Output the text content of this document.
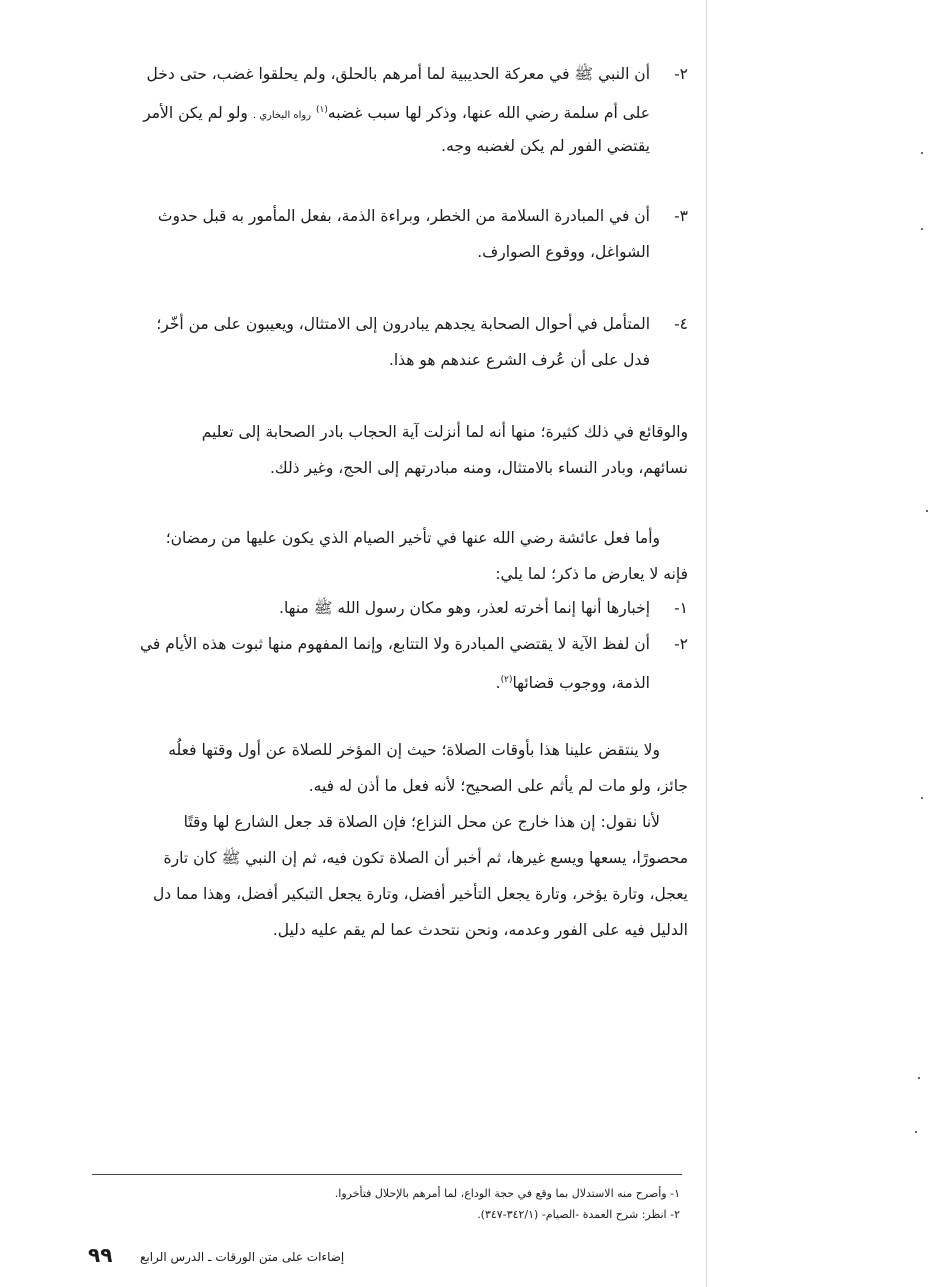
٢-
أن النبي ﷺ في معركة الحديبية لما أمرهم بالحلق، ولم يحلقوا غضب، حتى دخل
على أم سلمة رضي الله عنها، وذكر لها سبب غضبه$^{(١)}$ رواه البخاري . ولو لم يكن الأمر
يقتضي الفور لم يكن لغضبه وجه.
٣-
أن في المبادرة السلامة من الخطر، وبراءة الذمة، بفعل المأمور به قبل حدوث
الشواغل، ووقوع الصوارف.
٤-
المتأمل في أحوال الصحابة يجدهم يبادرون إلى الامتثال، ويعيبون على من أخّر؛
فدل على أن عُرف الشرع عندهم هو هذا.
والوقائع في ذلك كثيرة؛ منها أنه لما أنزلت آية الحجاب بادر الصحابة إلى تعليم
نسائهم، وبادر النساء بالامتثال، ومنه مبادرتهم إلى الحج، وغير ذلك.
وأما فعل عائشة رضي الله عنها في تأخير الصيام الذي يكون عليها من رمضان؛
فإنه لا يعارض ما ذكر؛ لما يلي:
١-
إخبارها أنها إنما أخرته لعذر، وهو مكان رسول الله ﷺ منها.
٢-
أن لفظ الآية لا يقتضي المبادرة ولا التتابع، وإنما المفهوم منها ثبوت هذه الأيام في
الذمة، ووجوب قضائها$^{(٢)}$.
ولا ينتقض علينا هذا بأوقات الصلاة؛ حيث إن المؤخر للصلاة عن أول وقتها فعلُه
جائز، ولو مات لم يأثم على الصحيح؛ لأنه فعل ما أذن له فيه.
لأنا نقول: إن هذا خارج عن محل النزاع؛ فإن الصلاة قد جعل الشارع لها وقتًا
محصورًا، يسعها ويسع غيرها، ثم أخبر أن الصلاة تكون فيه، ثم إن النبي ﷺ كان تارة
يعجل، وتارة يؤخر، وتارة يجعل التأخير أفضل، وتارة يجعل التبكير أفضل، وهذا مما دل
الدليل فيه على الفور وعدمه، ونحن نتحدث عما لم يقم عليه دليل.
١- وأصرح منه الاستدلال بما وقع في حجة الوداع، لما أمرهم بالإحلال فتأخروا.
٢- انظر: شرح العمدة -الصيام- (٣٤٢/١-٣٤٧).
٩٩ إضاءات على متن الورقات ـ الدرس الرابع
